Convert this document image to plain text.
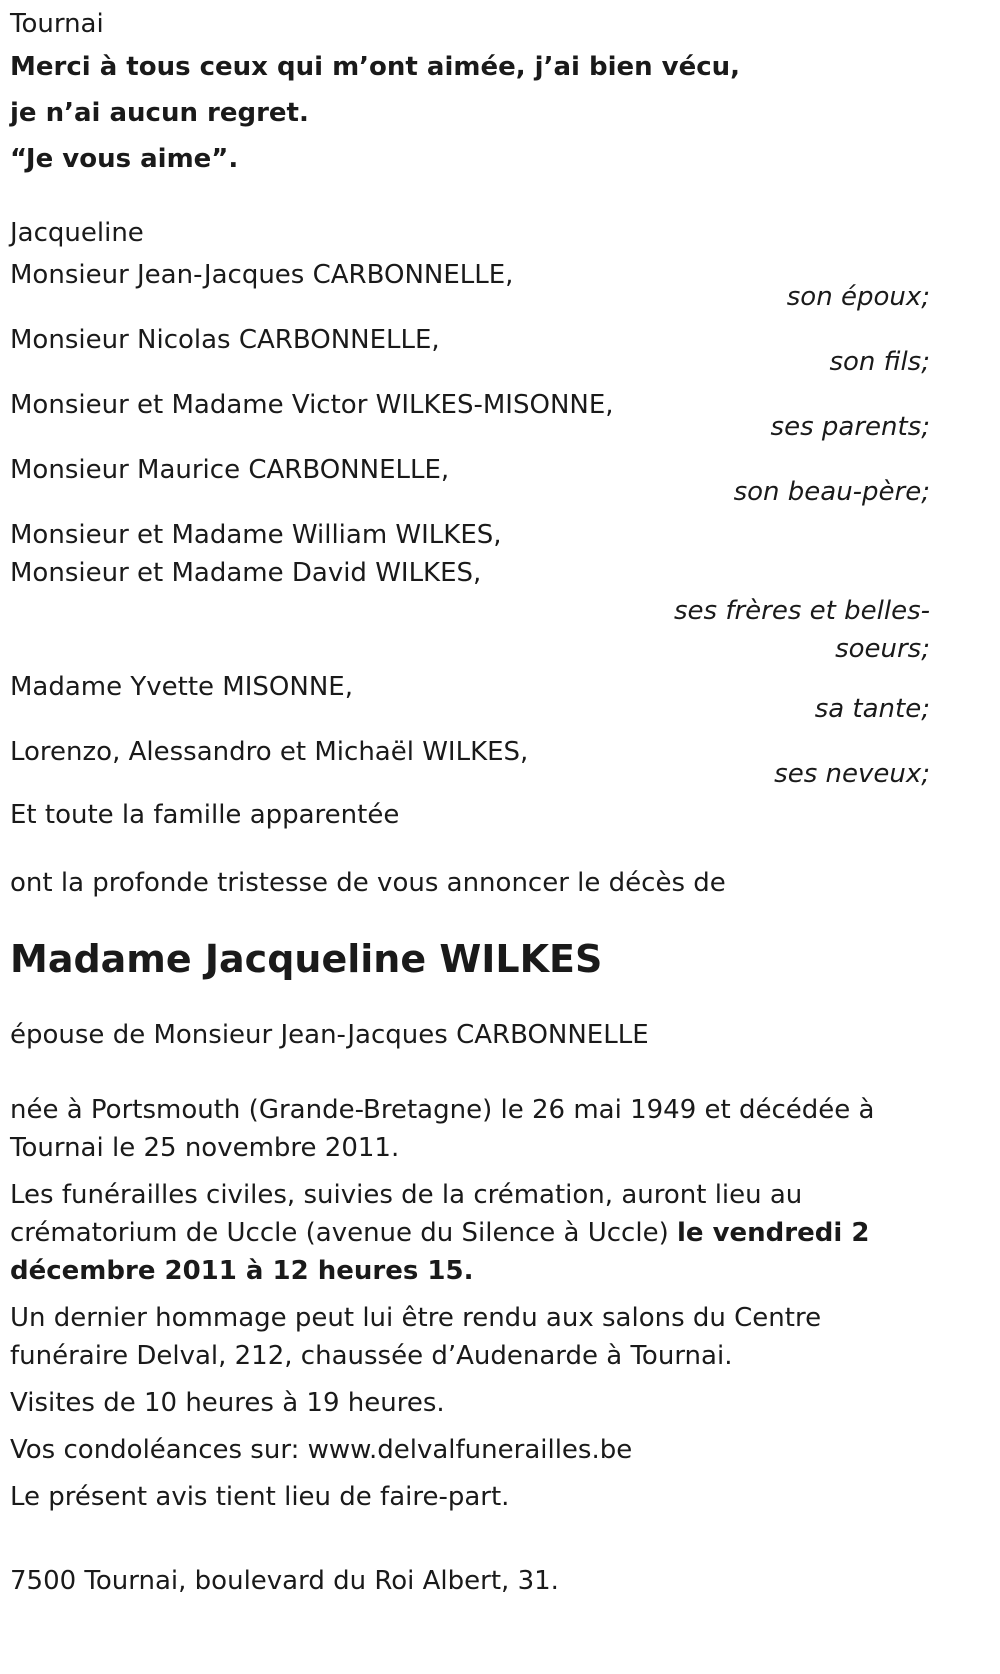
Tournai

Merci à tous ceux qui m’ont aimée, j’ai bien vécu,

je n’ai aucun regret.

“Je vous aime”.

Jacqueline

Monsieur Jean-Jacques CARBONNELLE,

son époux;

Monsieur Nicolas CARBONNELLE,

son fils;

Monsieur et Madame Victor WILKES-MISONNE,

ses parents;

Monsieur Maurice CARBONNELLE,

son beau-père;

Monsieur et Madame William WILKES,

Monsieur et Madame David WILKES,

ses frères et belles-soeurs;

Madame Yvette MISONNE,

sa tante;

Lorenzo, Alessandro et Michaël WILKES,

ses neveux;

Et toute la famille apparentée

ont la profonde tristesse de vous annoncer le décès de

Madame Jacqueline WILKES

épouse de Monsieur Jean-Jacques CARBONNELLE

née à Portsmouth (Grande-Bretagne) le 26 mai 1949 et décédée à Tournai le 25 novembre 2011.

Les funérailles civiles, suivies de la crémation, auront lieu au crématorium de Uccle (avenue du Silence à Uccle) le vendredi 2 décembre 2011 à 12 heures 15.

Un dernier hommage peut lui être rendu aux salons du Centre funéraire Delval, 212, chaussée d’Audenarde à Tournai.

Visites de 10 heures à 19 heures.

Vos condoléances sur: www.delvalfunerailles.be

Le présent avis tient lieu de faire-part.

7500 Tournai, boulevard du Roi Albert, 31.
